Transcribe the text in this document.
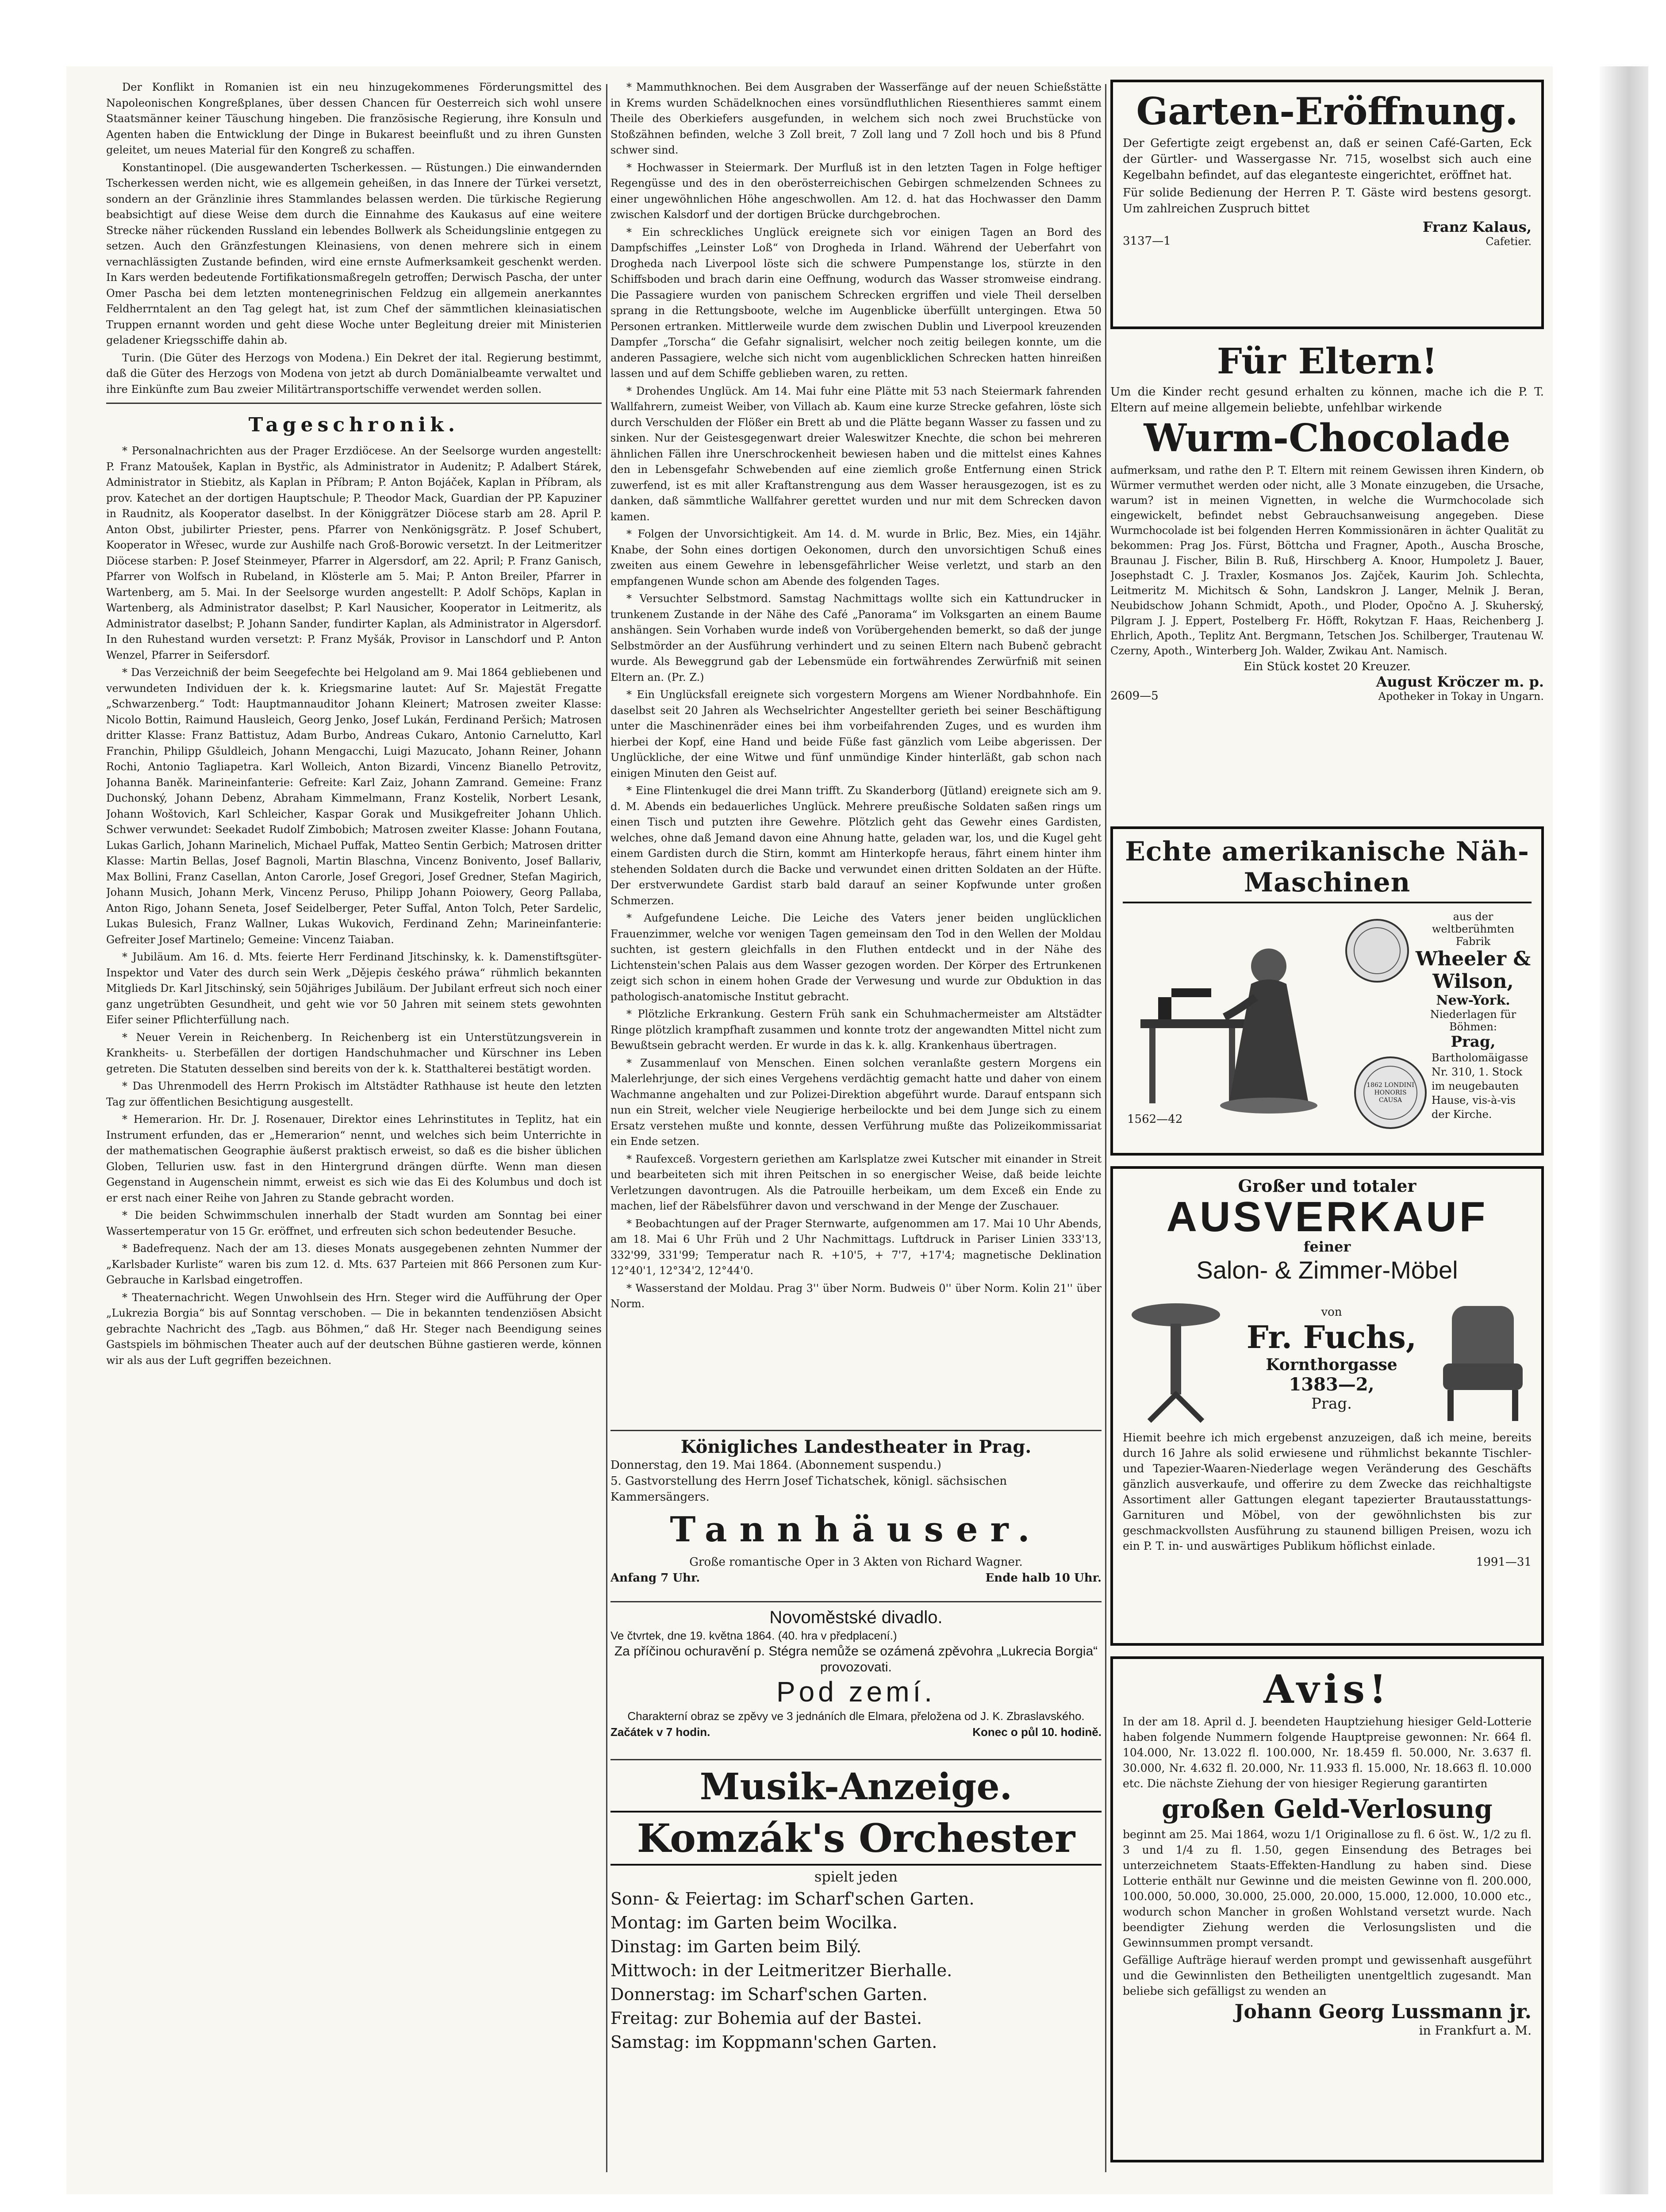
Der Konflikt in Romanien ist ein neu hinzugekommenes Förderungsmittel des Napoleonischen Kongreßplanes, über dessen Chancen für Oesterreich sich wohl unsere Staatsmänner keiner Täuschung hingeben. Die französische Regierung, ihre Konsuln und Agenten haben die Entwicklung der Dinge in Bukarest beeinflußt und zu ihren Gunsten geleitet, um neues Material für den Kongreß zu schaffen.

Konstantinopel. (Die ausgewanderten Tscherkessen. — Rüstungen.) Die einwandernden Tscherkessen werden nicht, wie es allgemein geheißen, in das Innere der Türkei versetzt, sondern an der Gränzlinie ihres Stammlandes belassen werden. Die türkische Regierung beabsichtigt auf diese Weise dem durch die Einnahme des Kaukasus auf eine weitere Strecke näher rückenden Russland ein lebendes Bollwerk als Scheidungslinie entgegen zu setzen. Auch den Gränzfestungen Kleinasiens, von denen mehrere sich in einem vernachlässigten Zustande befinden, wird eine ernste Aufmerksamkeit geschenkt werden. In Kars werden bedeutende Fortifikationsmaßregeln getroffen; Derwisch Pascha, der unter Omer Pascha bei dem letzten montenegrinischen Feldzug ein allgemein anerkanntes Feldherrntalent an den Tag gelegt hat, ist zum Chef der sämmtlichen kleinasiatischen Truppen ernannt worden und geht diese Woche unter Begleitung dreier mit Ministerien geladener Kriegsschiffe dahin ab.

Turin. (Die Güter des Herzogs von Modena.) Ein Dekret der ital. Regierung bestimmt, daß die Güter des Herzogs von Modena von jetzt ab durch Domänialbeamte verwaltet und ihre Einkünfte zum Bau zweier Militärtransportschiffe verwendet werden sollen.

Tageschronik.

* Personalnachrichten aus der Prager Erzdiöcese. An der Seelsorge wurden angestellt: P. Franz Matoušek, Kaplan in Bystřic, als Administrator in Audenitz; P. Adalbert Stárek, Administrator in Stiebitz, als Kaplan in Příbram; P. Anton Bojáček, Kaplan in Příbram, als prov. Katechet an der dortigen Hauptschule; P. Theodor Mack, Guardian der PP. Kapuziner in Raudnitz, als Kooperator daselbst. In der Königgrätzer Diöcese starb am 28. April P. Anton Obst, jubilirter Priester, pens. Pfarrer von Nenkönigsgrätz. P. Josef Schubert, Kooperator in Wřesec, wurde zur Aushilfe nach Groß-Borowic versetzt. In der Leitmeritzer Diöcese starben: P. Josef Steinmeyer, Pfarrer in Algersdorf, am 22. April; P. Franz Ganisch, Pfarrer von Wolfsch in Rubeland, in Klösterle am 5. Mai; P. Anton Breiler, Pfarrer in Wartenberg, am 5. Mai. In der Seelsorge wurden angestellt: P. Adolf Schöps, Kaplan in Wartenberg, als Administrator daselbst; P. Karl Nausicher, Kooperator in Leitmeritz, als Administrator daselbst; P. Johann Sander, fundirter Kaplan, als Administrator in Algersdorf. In den Ruhestand wurden versetzt: P. Franz Myšák, Provisor in Lanschdorf und P. Anton Wenzel, Pfarrer in Seifersdorf.

* Das Verzeichniß der beim Seegefechte bei Helgoland am 9. Mai 1864 gebliebenen und verwundeten Individuen der k. k. Kriegsmarine lautet: Auf Sr. Majestät Fregatte „Schwarzenberg.“ Todt: Hauptmannauditor Johann Kleinert; Matrosen zweiter Klasse: Nicolo Bottin, Raimund Hausleich, Georg Jenko, Josef Lukán, Ferdinand Peršich; Matrosen dritter Klasse: Franz Battistuz, Adam Burbo, Andreas Cukaro, Antonio Carnelutto, Karl Franchin, Philipp Gšuldleich, Johann Mengacchi, Luigi Mazucato, Johann Reiner, Johann Rochi, Antonio Tagliapetra. Karl Wolleich, Anton Bizardi, Vincenz Bianello Petrovitz, Johanna Baněk. Marineinfanterie: Gefreite: Karl Zaiz, Johann Zamrand. Gemeine: Franz Duchonský, Johann Debenz, Abraham Kimmelmann, Franz Kostelik, Norbert Lesank, Johann Woštovich, Karl Schleicher, Kaspar Gorak und Musikgefreiter Johann Uhlich. Schwer verwundet: Seekadet Rudolf Zimbobich; Matrosen zweiter Klasse: Johann Foutana, Lukas Garlich, Johann Marinelich, Michael Puffak, Matteo Sentin Gerbich; Matrosen dritter Klasse: Martin Bellas, Josef Bagnoli, Martin Blaschna, Vincenz Bonivento, Josef Ballariv, Max Bollini, Franz Casellan, Anton Carorle, Josef Gregori, Josef Gredner, Stefan Magirich, Johann Musich, Johann Merk, Vincenz Peruso, Philipp Johann Poiowery, Georg Pallaba, Anton Rigo, Johann Seneta, Josef Seidelberger, Peter Suffal, Anton Tolch, Peter Sardelic, Lukas Bulesich, Franz Wallner, Lukas Wukovich, Ferdinand Zehn; Marineinfanterie: Gefreiter Josef Martinelo; Gemeine: Vincenz Taiaban.

* Jubiläum. Am 16. d. Mts. feierte Herr Ferdinand Jitschinsky, k. k. Damenstiftsgüter-Inspektor und Vater des durch sein Werk „Dějepis českého práwa“ rühmlich bekannten Mitglieds Dr. Karl Jitschinský, sein 50jähriges Jubiläum. Der Jubilant erfreut sich noch einer ganz ungetrübten Gesundheit, und geht wie vor 50 Jahren mit seinem stets gewohnten Eifer seiner Pflichterfüllung nach.

* Neuer Verein in Reichenberg. In Reichenberg ist ein Unterstützungsverein in Krankheits- u. Sterbefällen der dortigen Handschuhmacher und Kürschner ins Leben getreten. Die Statuten desselben sind bereits von der k. k. Statthalterei bestätigt worden.

* Das Uhrenmodell des Herrn Prokisch im Altstädter Rathhause ist heute den letzten Tag zur öffentlichen Besichtigung ausgestellt.

* Hemerarion. Hr. Dr. J. Rosenauer, Direktor eines Lehrinstitutes in Teplitz, hat ein Instrument erfunden, das er „Hemerarion“ nennt, und welches sich beim Unterrichte in der mathematischen Geographie äußerst praktisch erweist, so daß es die bisher üblichen Globen, Tellurien usw. fast in den Hintergrund drängen dürfte. Wenn man diesen Gegenstand in Augenschein nimmt, erweist es sich wie das Ei des Kolumbus und doch ist er erst nach einer Reihe von Jahren zu Stande gebracht worden.

* Die beiden Schwimmschulen innerhalb der Stadt wurden am Sonntag bei einer Wassertemperatur von 15 Gr. eröffnet, und erfreuten sich schon bedeutender Besuche.

* Badefrequenz. Nach der am 13. dieses Monats ausgegebenen zehnten Nummer der „Karlsbader Kurliste“ waren bis zum 12. d. Mts. 637 Parteien mit 866 Personen zum Kur-Gebrauche in Karlsbad eingetroffen.

* Theaternachricht. Wegen Unwohlsein des Hrn. Steger wird die Aufführung der Oper „Lukrezia Borgia“ bis auf Sonntag verschoben. — Die in bekannten tendenziösen Absicht gebrachte Nachricht des „Tagb. aus Böhmen,“ daß Hr. Steger nach Beendigung seines Gastspiels im böhmischen Theater auch auf der deutschen Bühne gastieren werde, können wir als aus der Luft gegriffen bezeichnen.

* Mammuthknochen. Bei dem Ausgraben der Wasserfänge auf der neuen Schießstätte in Krems wurden Schädelknochen eines vorsündfluthlichen Riesenthieres sammt einem Theile des Oberkiefers ausgefunden, in welchem sich noch zwei Bruchstücke von Stoßzähnen befinden, welche 3 Zoll breit, 7 Zoll lang und 7 Zoll hoch und bis 8 Pfund schwer sind.

* Hochwasser in Steiermark. Der Murfluß ist in den letzten Tagen in Folge heftiger Regengüsse und des in den oberösterreichischen Gebirgen schmelzenden Schnees zu einer ungewöhnlichen Höhe angeschwollen. Am 12. d. hat das Hochwasser den Damm zwischen Kalsdorf und der dortigen Brücke durchgebrochen.

* Ein schreckliches Unglück ereignete sich vor einigen Tagen an Bord des Dampfschiffes „Leinster Loß“ von Drogheda in Irland. Während der Ueberfahrt von Drogheda nach Liverpool löste sich die schwere Pumpenstange los, stürzte in den Schiffsboden und brach darin eine Oeffnung, wodurch das Wasser stromweise eindrang. Die Passagiere wurden von panischem Schrecken ergriffen und viele Theil derselben sprang in die Rettungsboote, welche im Augenblicke überfüllt untergingen. Etwa 50 Personen ertranken. Mittlerweile wurde dem zwischen Dublin und Liverpool kreuzenden Dampfer „Torscha“ die Gefahr signalisirt, welcher noch zeitig beilegen konnte, um die anderen Passagiere, welche sich nicht vom augenblicklichen Schrecken hatten hinreißen lassen und auf dem Schiffe geblieben waren, zu retten.

* Drohendes Unglück. Am 14. Mai fuhr eine Plätte mit 53 nach Steiermark fahrenden Wallfahrern, zumeist Weiber, von Villach ab. Kaum eine kurze Strecke gefahren, löste sich durch Verschulden der Flößer ein Brett ab und die Plätte begann Wasser zu fassen und zu sinken. Nur der Geistesgegenwart dreier Waleswitzer Knechte, die schon bei mehreren ähnlichen Fällen ihre Unerschrockenheit bewiesen haben und die mittelst eines Kahnes den in Lebensgefahr Schwebenden auf eine ziemlich große Entfernung einen Strick zuwerfend, ist es mit aller Kraftanstrengung aus dem Wasser herausgezogen, ist es zu danken, daß sämmtliche Wallfahrer gerettet wurden und nur mit dem Schrecken davon kamen.

* Folgen der Unvorsichtigkeit. Am 14. d. M. wurde in Brlic, Bez. Mies, ein 14jähr. Knabe, der Sohn eines dortigen Oekonomen, durch den unvorsichtigen Schuß eines zweiten aus einem Gewehre in lebensgefährlicher Weise verletzt, und starb an den empfangenen Wunde schon am Abende des folgenden Tages.

* Versuchter Selbstmord. Samstag Nachmittags wollte sich ein Kattundrucker in trunkenem Zustande in der Nähe des Café „Panorama“ im Volksgarten an einem Baume anshängen. Sein Vorhaben wurde indeß von Vorübergehenden bemerkt, so daß der junge Selbstmörder an der Ausführung verhindert und zu seinen Eltern nach Bubenč gebracht wurde. Als Beweggrund gab der Lebensmüde ein fortwährendes Zerwürfniß mit seinen Eltern an. (Pr. Z.)

* Ein Unglücksfall ereignete sich vorgestern Morgens am Wiener Nordbahnhofe. Ein daselbst seit 20 Jahren als Wechselrichter Angestellter gerieth bei seiner Beschäftigung unter die Maschinenräder eines bei ihm vorbeifahrenden Zuges, und es wurden ihm hierbei der Kopf, eine Hand und beide Füße fast gänzlich vom Leibe abgerissen. Der Unglückliche, der eine Witwe und fünf unmündige Kinder hinterläßt, gab schon nach einigen Minuten den Geist auf.

* Eine Flintenkugel die drei Mann trifft. Zu Skanderborg (Jütland) ereignete sich am 9. d. M. Abends ein bedauerliches Unglück. Mehrere preußische Soldaten saßen rings um einen Tisch und putzten ihre Gewehre. Plötzlich geht das Gewehr eines Gardisten, welches, ohne daß Jemand davon eine Ahnung hatte, geladen war, los, und die Kugel geht einem Gardisten durch die Stirn, kommt am Hinterkopfe heraus, fährt einem hinter ihm stehenden Soldaten durch die Backe und verwundet einen dritten Soldaten an der Hüfte. Der erstverwundete Gardist starb bald darauf an seiner Kopfwunde unter großen Schmerzen.

* Aufgefundene Leiche. Die Leiche des Vaters jener beiden unglücklichen Frauenzimmer, welche vor wenigen Tagen gemeinsam den Tod in den Wellen der Moldau suchten, ist gestern gleichfalls in den Fluthen entdeckt und in der Nähe des Lichtenstein'schen Palais aus dem Wasser gezogen worden. Der Körper des Ertrunkenen zeigt sich schon in einem hohen Grade der Verwesung und wurde zur Obduktion in das pathologisch-anatomische Institut gebracht.

* Plötzliche Erkrankung. Gestern Früh sank ein Schuhmachermeister am Altstädter Ringe plötzlich krampfhaft zusammen und konnte trotz der angewandten Mittel nicht zum Bewußtsein gebracht werden. Er wurde in das k. k. allg. Krankenhaus übertragen.

* Zusammenlauf von Menschen. Einen solchen veranlaßte gestern Morgens ein Malerlehrjunge, der sich eines Vergehens verdächtig gemacht hatte und daher von einem Wachmanne angehalten und zur Polizei-Direktion abgeführt wurde. Darauf entspann sich nun ein Streit, welcher viele Neugierige herbeilockte und bei dem Junge sich zu einem Ersatz verstehen mußte und konnte, dessen Verführung mußte das Polizeikommissariat ein Ende setzen.

* Raufexceß. Vorgestern geriethen am Karlsplatze zwei Kutscher mit einander in Streit und bearbeiteten sich mit ihren Peitschen in so energischer Weise, daß beide leichte Verletzungen davontrugen. Als die Patrouille herbeikam, um dem Exceß ein Ende zu machen, lief der Räbelsführer davon und verschwand in der Menge der Zuschauer.

* Beobachtungen auf der Prager Sternwarte, aufgenommen am 17. Mai 10 Uhr Abends, am 18. Mai 6 Uhr Früh und 2 Uhr Nachmittags. Luftdruck in Pariser Linien 333'13, 332'99, 331'99; Temperatur nach R. +10'5, + 7'7, +17'4; magnetische Deklination 12°40'1, 12°34'2, 12°44'0.

* Wasserstand der Moldau. Prag 3'' über Norm. Budweis 0'' über Norm. Kolin 21'' über Norm.

Königliches Landestheater in Prag.

Donnerstag, den 19. Mai 1864. (Abonnement suspendu.)

5. Gastvorstellung des Herrn Josef Tichatschek, königl. sächsischen Kammersängers.

Tannhäuser.

Große romantische Oper in 3 Akten von Richard Wagner.

Anfang 7 Uhr.	Ende halb 10 Uhr.
Novoměstské divadlo.

Ve čtvrtek, dne 19. května 1864. (40. hra v předplacení.)

Za příčinou ochuravění p. Stégra nemůže se ozámená zpěvohra „Lukrecia Borgia“ provozovati.

Pod zemí.

Charakterní obraz se zpěvy ve 3 jednáních dle Elmara, přeložena od J. K. Zbraslavského.

Začátek v 7 hodin.	Konec o půl 10. hodině.
Musik-Anzeige.
Komzák's Orchester
spielt jeden

Sonn- & Feiertag: im Scharf'schen Garten.

Montag: im Garten beim Wocilka.

Dinstag: im Garten beim Bilý.

Mittwoch: in der Leitmeritzer Bierhalle.

Donnerstag: im Scharf'schen Garten.

Freitag: zur Bohemia auf der Bastei.

Samstag: im Koppmann'schen Garten.

Garten-Eröffnung.

Der Gefertigte zeigt ergebenst an, daß er seinen Café-Garten, Eck der Gürtler- und Wassergasse Nr. 715, woselbst sich auch eine Kegelbahn befindet, auf das eleganteste eingerichtet, eröffnet hat.

Für solide Bedienung der Herren P. T. Gäste wird bestens gesorgt. Um zahlreichen Zuspruch bittet

3137—1
Franz Kalaus,
Cafetier.
Für Eltern!

Um die Kinder recht gesund erhalten zu können, mache ich die P. T. Eltern auf meine allgemein beliebte, unfehlbar wirkende

Wurm-Chocolade

aufmerksam, und rathe den P. T. Eltern mit reinem Gewissen ihren Kindern, ob Würmer vermuthet werden oder nicht, alle 3 Monate einzugeben, die Ursache, warum? ist in meinen Vignetten, in welche die Wurmchocolade sich eingewickelt, befindet nebst Gebrauchsanweisung angegeben. Diese Wurmchocolade ist bei folgenden Herren Kommissionären in ächter Qualität zu bekommen: Prag Jos. Fürst, Böttcha und Fragner, Apoth., Auscha Brosche, Braunau J. Fischer, Bilin B. Ruß, Hirschberg A. Knoor, Humpoletz J. Bauer, Josephstadt C. J. Traxler, Kosmanos Jos. Zajček, Kaurim Joh. Schlechta, Leitmeritz M. Michitsch & Sohn, Landskron J. Langer, Melnik J. Beran, Neubidschow Johann Schmidt, Apoth., und Ploder, Opočno A. J. Skuherský, Pilgram J. J. Eppert, Postelberg Fr. Höfft, Rokytzan F. Haas, Reichenberg J. Ehrlich, Apoth., Teplitz Ant. Bergmann, Tetschen Jos. Schilberger, Trautenau W. Czerny, Apoth., Winterberg Joh. Walder, Zwikau Ant. Namisch.

Ein Stück kostet 20 Kreuzer.
2609—5
August Kröczer m. p.
Apotheker in Tokay in Ungarn.
Echte amerikanische Näh-Maschinen
1562—42
aus der weltberühmten Fabrik
Wheeler & Wilson,
New-York.
Niederlagen für Böhmen:
Prag,
1862 LONDINI HONORIS CAUSA
Bartholomäigasse Nr. 310, 1. Stock im neugebauten Hause, vis-à-vis der Kirche.
Großer und totaler
AUSVERKAUF
feiner
Salon- & Zimmer-Möbel
von
Fr. Fuchs,
Kornthorgasse
1383—2,
Prag.

Hiemit beehre ich mich ergebenst anzuzeigen, daß ich meine, bereits durch 16 Jahre als solid erwiesene und rühmlichst bekannte Tischler- und Tapezier-Waaren-Niederlage wegen Veränderung des Geschäfts gänzlich ausverkaufe, und offerire zu dem Zwecke das reichhaltigste Assortiment aller Gattungen elegant tapezierter Brautausstattungs-Garnituren und Möbel, von der gewöhnlichsten bis zur geschmackvollsten Ausführung zu staunend billigen Preisen, wozu ich ein P. T. in- und auswärtiges Publikum höflichst einlade.

1991—31
Avis!

In der am 18. April d. J. beendeten Hauptziehung hiesiger Geld-Lotterie haben folgende Nummern folgende Hauptpreise gewonnen: Nr. 664 fl. 104.000, Nr. 13.022 fl. 100.000, Nr. 18.459 fl. 50.000, Nr. 3.637 fl. 30.000, Nr. 4.632 fl. 20.000, Nr. 11.933 fl. 15.000, Nr. 18.663 fl. 10.000 etc. Die nächste Ziehung der von hiesiger Regierung garantirten

großen Geld-Verlosung

beginnt am 25. Mai 1864, wozu 1/1 Originallose zu fl. 6 öst. W., 1/2 zu fl. 3 und 1/4 zu fl. 1.50, gegen Einsendung des Betrages bei unterzeichnetem Staats-Effekten-Handlung zu haben sind. Diese Lotterie enthält nur Gewinne und die meisten Gewinne von fl. 200.000, 100.000, 50.000, 30.000, 25.000, 20.000, 15.000, 12.000, 10.000 etc., wodurch schon Mancher in großen Wohlstand versetzt wurde. Nach beendigter Ziehung werden die Verlosungslisten und die Gewinnsummen prompt versandt.

Gefällige Aufträge hierauf werden prompt und gewissenhaft ausgeführt und die Gewinnlisten den Betheiligten unentgeltlich zugesandt. Man beliebe sich gefälligst zu wenden an

Johann Georg Lussmann jr.
in Frankfurt a. M.
